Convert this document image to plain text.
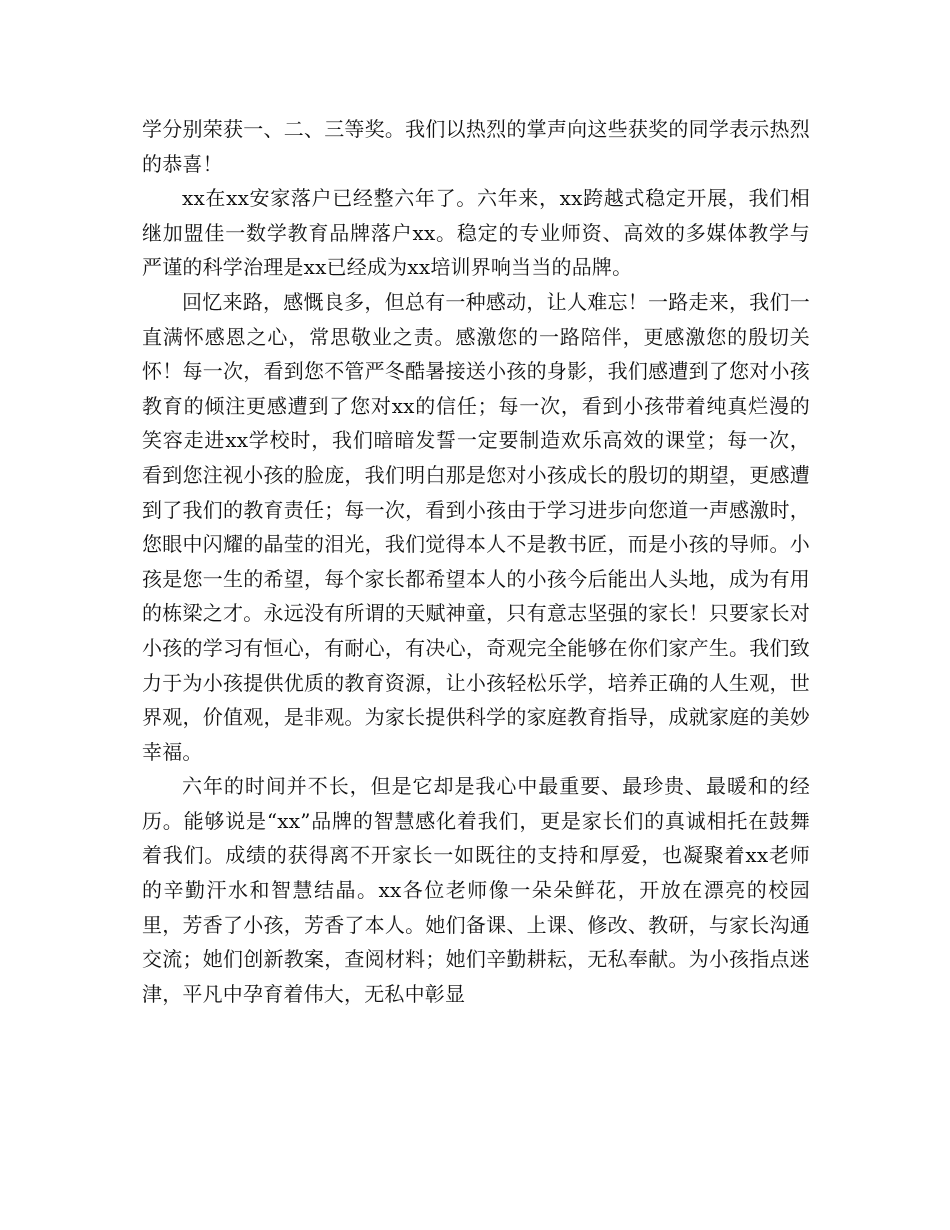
学分别荣获一、二、三等奖。我们以热烈的掌声向这些获奖的同学表示热烈的恭喜！

xx在xx安家落户已经整六年了。六年来，xx跨越式稳定开展，我们相继加盟佳一数学教育品牌落户xx。稳定的专业师资、高效的多媒体教学与严谨的科学治理是xx已经成为xx培训界响当当的品牌。

回忆来路，感慨良多，但总有一种感动，让人难忘！一路走来，我们一直满怀感恩之心，常思敬业之责。感激您的一路陪伴，更感激您的殷切关怀！每一次，看到您不管严冬酷暑接送小孩的身影，我们感遭到了您对小孩教育的倾注更感遭到了您对xx的信任；每一次，看到小孩带着纯真烂漫的笑容走进xx学校时，我们暗暗发誓一定要制造欢乐高效的课堂；每一次，看到您注视小孩的脸庞，我们明白那是您对小孩成长的殷切的期望，更感遭到了我们的教育责任；每一次，看到小孩由于学习进步向您道一声感激时，您眼中闪耀的晶莹的泪光，我们觉得本人不是教书匠，而是小孩的导师。小孩是您一生的希望，每个家长都希望本人的小孩今后能出人头地，成为有用的栋梁之才。永远没有所谓的天赋神童，只有意志坚强的家长！只要家长对小孩的学习有恒心，有耐心，有决心，奇观完全能够在你们家产生。我们致力于为小孩提供优质的教育资源，让小孩轻松乐学，培养正确的人生观，世界观，价值观，是非观。为家长提供科学的家庭教育指导，成就家庭的美妙幸福。

六年的时间并不长，但是它却是我心中最重要、最珍贵、最暖和的经历。能够说是“xx”品牌的智慧感化着我们，更是家长们的真诚相托在鼓舞着我们。成绩的获得离不开家长一如既往的支持和厚爱，也凝聚着xx老师的辛勤汗水和智慧结晶。xx各位老师像一朵朵鲜花，开放在漂亮的校园里，芳香了小孩，芳香了本人。她们备课、上课、修改、教研，与家长沟通交流；她们创新教案，查阅材料；她们辛勤耕耘，无私奉献。为小孩指点迷津，平凡中孕育着伟大，无私中彰显
